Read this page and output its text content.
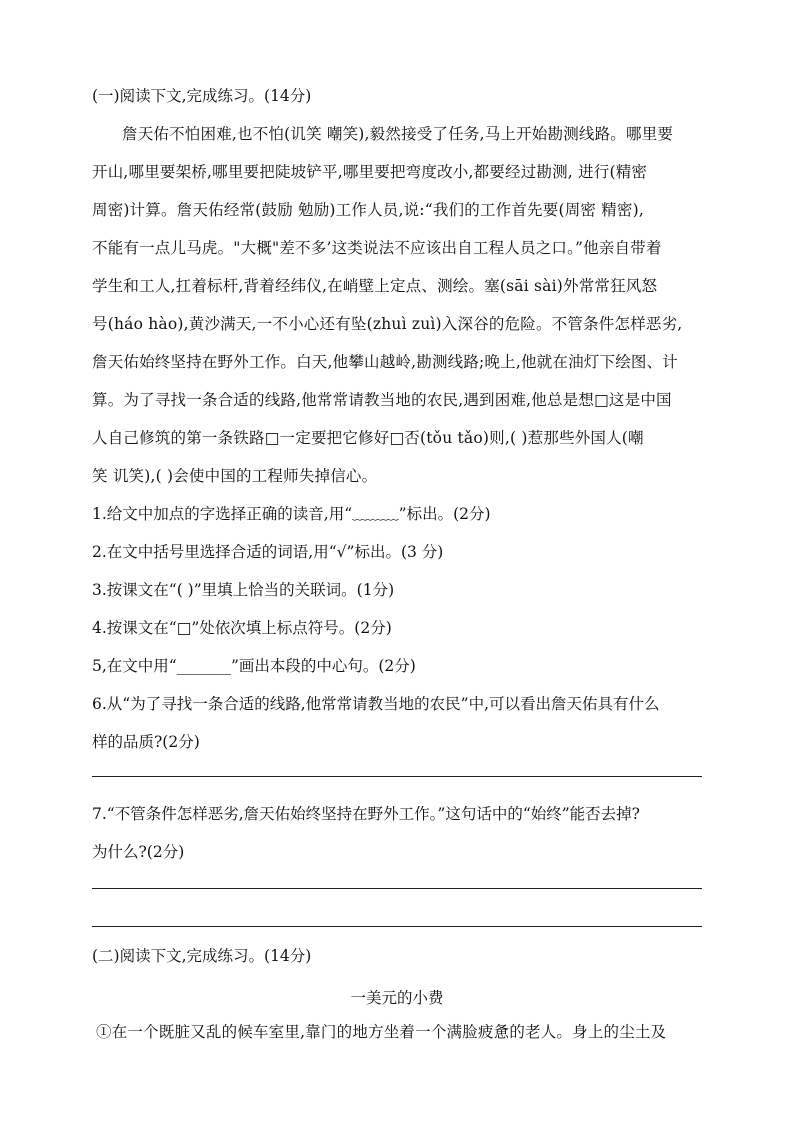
(一)阅读下文,完成练习。(14分)
詹天佑不怕困难,也不怕(讥笑 嘲笑),毅然接受了任务,马上开始勘测线路。哪里要
开山,哪里要架桥,哪里要把陡坡铲平,哪里要把弯度改小,都要经过勘测, 进行(精密
周密)计算。詹天佑经常(鼓励 勉励)工作人员,说:“我们的工作首先要(周密 精密),
不能有一点儿马虎。"大概"差不多’这类说法不应该出自工程人员之口。”他亲自带着
学生和工人,扛着标杆,背着经纬仪,在峭壁上定点、测绘。塞(sāi sài)外常常狂风怒
号(háo hào),黄沙满天,一不小心还有坠(zhuì zuì)入深谷的危险。不管条件怎样恶劣,
詹天佑始终坚持在野外工作。白天,他攀山越岭,勘测线路;晚上,他就在油灯下绘图、计
算。为了寻找一条合适的线路,他常常请教当地的农民,遇到困难,他总是想□这是中国
人自己修筑的第一条铁路□一定要把它修好□否(tǒu tǎo)则,( )惹那些外国人(嘲
笑 讥笑),( )会使中国的工程师失掉信心。
1.给文中加点的字选择正确的读音,用“﹏﹏﹏”标出。(2分)
2.在文中括号里选择合适的词语,用“√”标出。(3 分)
3.按课文在“( )”里填上恰当的关联词。(1分)
4.按课文在“□”处依次填上标点符号。(2分)
5,在文中用“_______”画出本段的中心句。(2分)
6.从“为了寻找一条合适的线路,他常常请教当地的农民”中,可以看出詹天佑具有什么
样的品质?(2分)
7.“不管条件怎样恶劣,詹天佑始终坚持在野外工作。”这句话中的“始终”能否去掉?
为什么?(2分)
(二)阅读下文,完成练习。(14分)
一美元的小费
①在一个既脏又乱的候车室里,靠门的地方坐着一个满脸疲惫的老人。身上的尘土及
